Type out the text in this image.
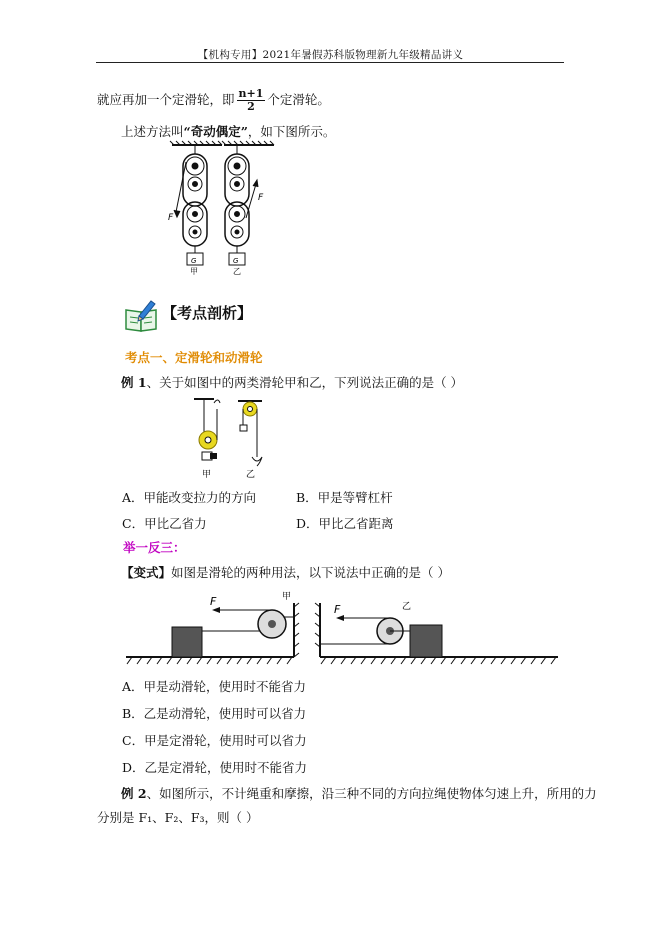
【机构专用】2021年暑假苏科版物理新九年级精品讲义
就应再加一个定滑轮，即 $\frac{n+1}{2}$ 个定滑轮。
上述方法叫“奇动偶定”，如下图所示。
F
G
甲
F
G
乙
【考点剖析】
考点一、定滑轮和动滑轮
例 1、关于如图中的两类滑轮甲和乙，下列说法正确的是（ ）
甲	乙
A．甲能改变拉力的方向	B．甲是等臂杠杆
C．甲比乙省力	D．甲比乙省距离
举一反三：
【变式】如图是滑轮的两种用法，以下说法中正确的是（ ）
F	甲
F	乙
A．甲是动滑轮，使用时不能省力
B．乙是动滑轮，使用时可以省力
C．甲是定滑轮，使用时可以省力
D．乙是定滑轮，使用时不能省力
例 2、如图所示，不计绳重和摩擦，沿三种不同的方向拉绳使物体匀速上升，所用的力
分别是 F₁、F₂、F₃，则（ ）
